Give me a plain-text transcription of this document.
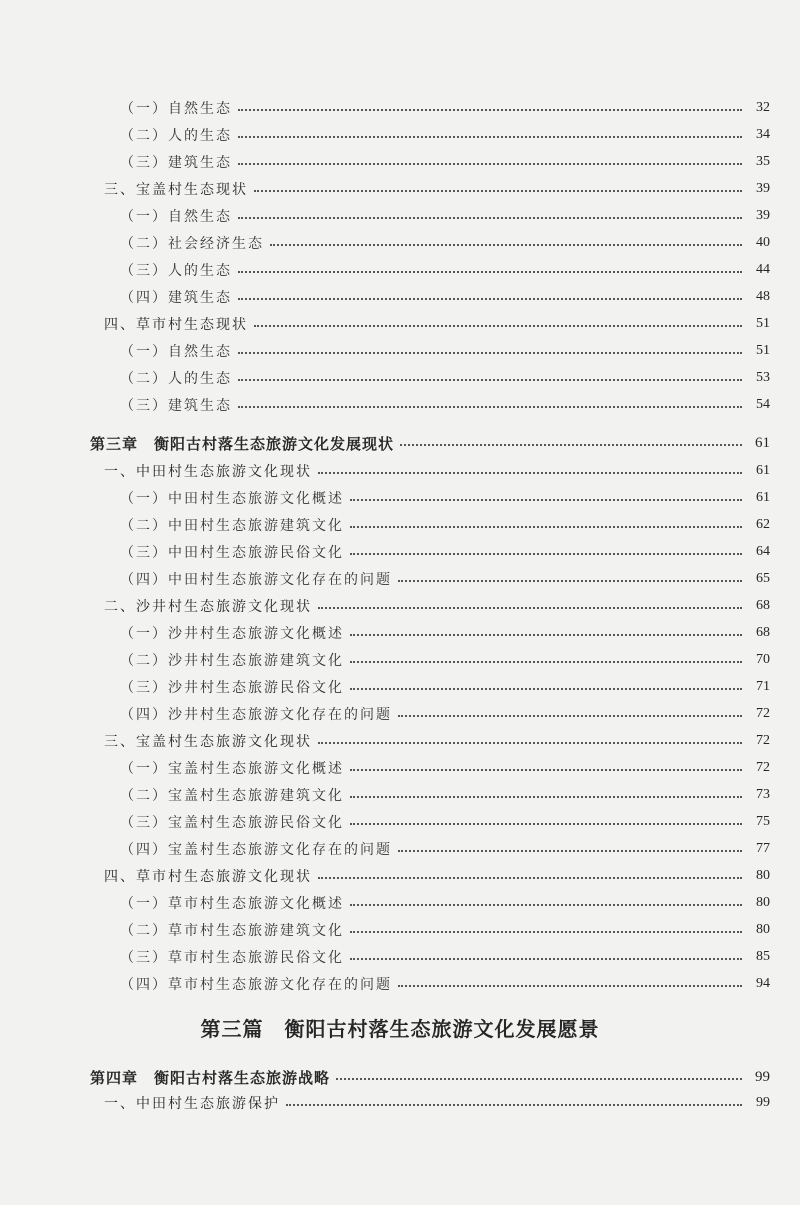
（一）自然生态	32
（二）人的生态	34
（三）建筑生态	35
三、宝盖村生态现状	39
（一）自然生态	39
（二）社会经济生态	40
（三）人的生态	44
（四）建筑生态	48
四、草市村生态现状	51
（一）自然生态	51
（二）人的生态	53
（三）建筑生态	54
第三章　衡阳古村落生态旅游文化发展现状	61
一、中田村生态旅游文化现状	61
（一）中田村生态旅游文化概述	61
（二）中田村生态旅游建筑文化	62
（三）中田村生态旅游民俗文化	64
（四）中田村生态旅游文化存在的问题	65
二、沙井村生态旅游文化现状	68
（一）沙井村生态旅游文化概述	68
（二）沙井村生态旅游建筑文化	70
（三）沙井村生态旅游民俗文化	71
（四）沙井村生态旅游文化存在的问题	72
三、宝盖村生态旅游文化现状	72
（一）宝盖村生态旅游文化概述	72
（二）宝盖村生态旅游建筑文化	73
（三）宝盖村生态旅游民俗文化	75
（四）宝盖村生态旅游文化存在的问题	77
四、草市村生态旅游文化现状	80
（一）草市村生态旅游文化概述	80
（二）草市村生态旅游建筑文化	80
（三）草市村生态旅游民俗文化	85
（四）草市村生态旅游文化存在的问题	94
第三篇　衡阳古村落生态旅游文化发展愿景
第四章　衡阳古村落生态旅游战略	99
一、中田村生态旅游保护	99
